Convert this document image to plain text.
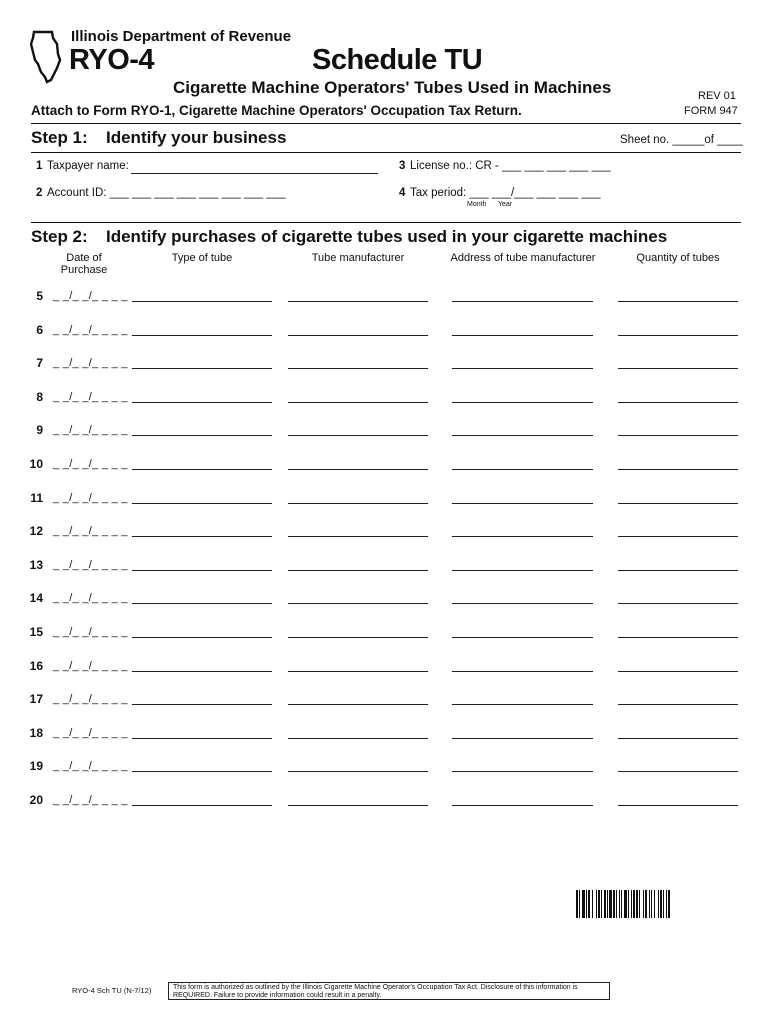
Illinois Department of Revenue
RYO-4	Schedule TU
Cigarette Machine Operators' Tubes Used in Machines	REV 01
FORM 947
Attach to Form RYO-1, Cigarette Machine Operators' Occupation Tax Return.
Step 1: Identify your business	Sheet no. _____of ____
1 Taxpayer name:	3 License no.: CR - ___ ___ ___ ___ ___
2 Account ID: ___ ___ ___ ___ ___ ___ ___ ___	4 Tax period: ___ ___/___ ___ ___ ___
Month Year
Step 2: Identify purchases of cigarette tubes used in your cigarette machines
Date of
Purchase
Type of tube	Tube manufacturer	Address of tube manufacturer	Quantity of tubes
5 _ _/_ _/_ _ _ _
6 _ _/_ _/_ _ _ _
7 _ _/_ _/_ _ _ _
8 _ _/_ _/_ _ _ _
9 _ _/_ _/_ _ _ _
10 _ _/_ _/_ _ _ _
11 _ _/_ _/_ _ _ _
12 _ _/_ _/_ _ _ _
13 _ _/_ _/_ _ _ _
14 _ _/_ _/_ _ _ _
15 _ _/_ _/_ _ _ _
16 _ _/_ _/_ _ _ _
17 _ _/_ _/_ _ _ _
18 _ _/_ _/_ _ _ _
19 _ _/_ _/_ _ _ _
20 _ _/_ _/_ _ _ _
RYO-4 Sch TU (N-7/12)	This form is authorized as outlined by the Illinois Cigarette Machine Operator's Occupation Tax Act. Disclosure of this information is REQUIRED. Failure to provide information could result in a penalty.
